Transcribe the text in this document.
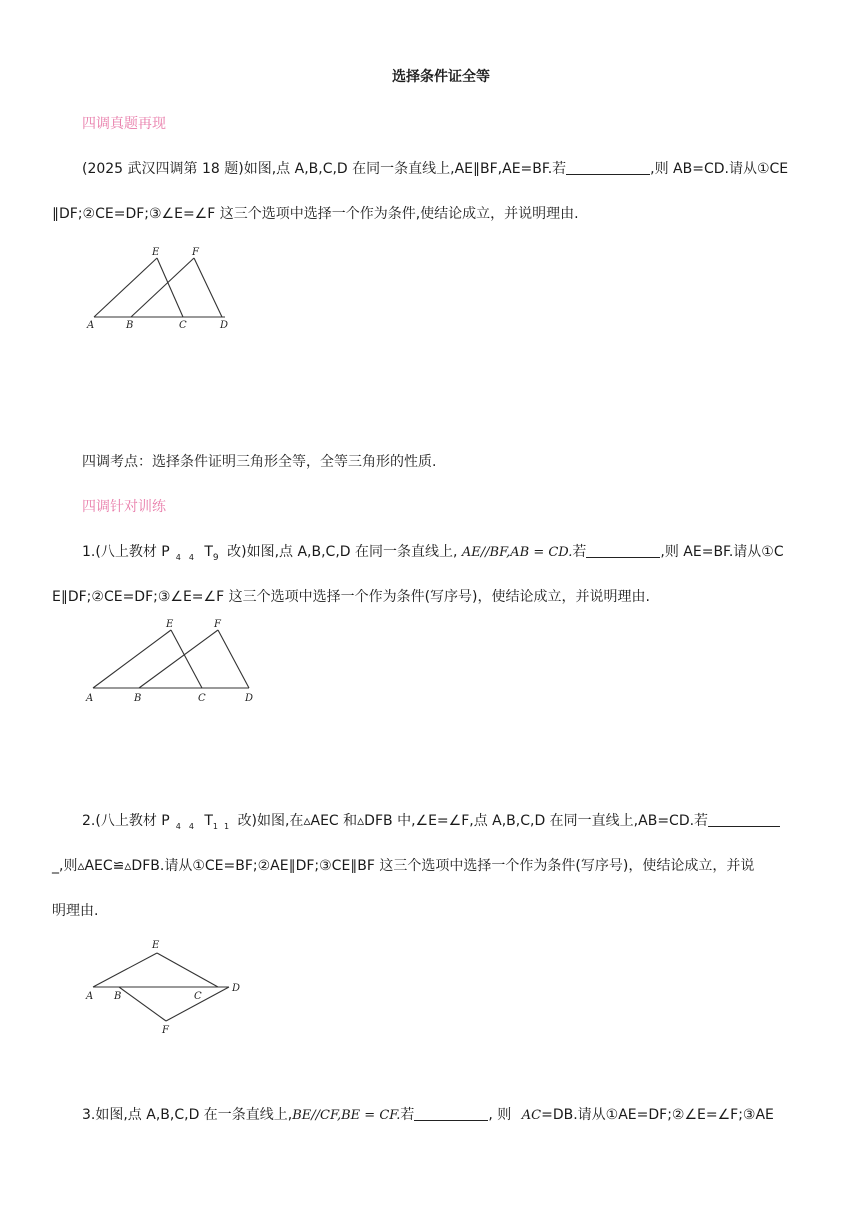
选择条件证全等
四调真题再现
(2025 武汉四调第 18 题)如图,点 A,B,C,D 在同一条直线上,AE∥BF,AE=BF.若	,则 AB=CD.请从①CE
∥DF;②CE=DF;③∠E=∠F 这三个选项中选择一个作为条件,使结论成立，并说明理由.
A	B	C	D
E	F
四调考点：选择条件证明三角形全等，全等三角形的性质.
四调针对训练
1.(八上教材 P $_4$ $_4$ $T_9$ 改)如图,点 A,B,C,D 在同一条直线上, AE//BF,AB = CD.若	,则 AE=BF.请从①C
E∥DF;②CE=DF;③∠E=∠F 这三个选项中选择一个作为条件(写序号)，使结论成立，并说明理由.
A	B	C	D
E	F
2.(八上教材 P $_4$ $_4$ $T_1$ $_1$ 改)如图,在▵AEC 和▵DFB 中,∠E=∠F,点 A,B,C,D 在同一直线上,AB=CD.若
_,则▵AEC≌▵DFB.请从①CE=BF;②AE∥DF;③CE∥BF 这三个选项中选择一个作为条件(写序号)，使结论成立，并说
明理由.
A B	C
D
E
F
3.如图,点 A,B,C,D 在一条直线上,BE//CF,BE = CF.若	, 则 AC=DB.请从①AE=DF;②∠E=∠F;③AE
